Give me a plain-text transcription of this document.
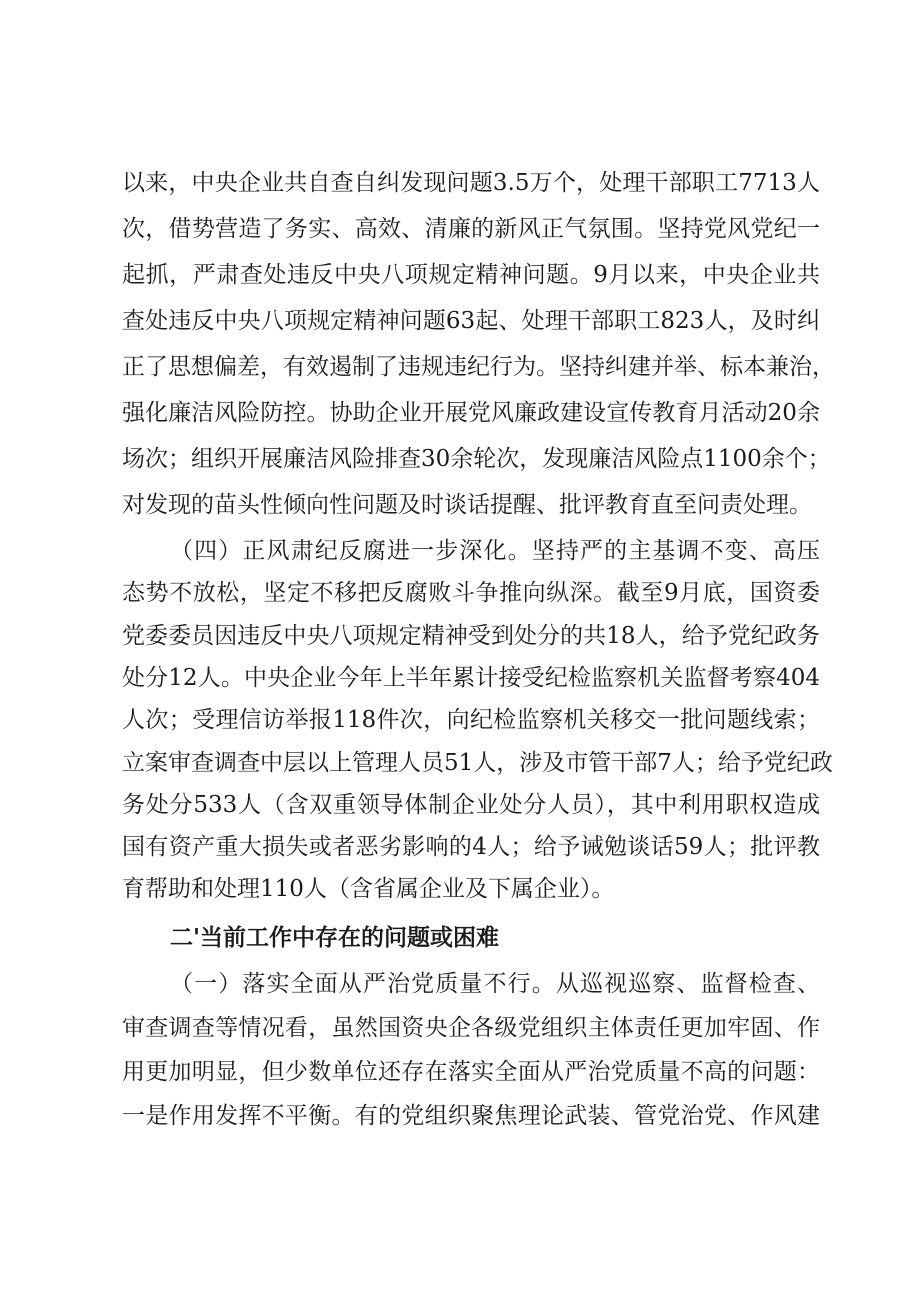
以来，中央企业共自查自纠发现问题3.5万个，处理干部职工7713人
次，借势营造了务实、高效、清廉的新风正气氛围。坚持党风党纪一
起抓，严肃查处违反中央八项规定精神问题。9月以来，中央企业共
查处违反中央八项规定精神问题63起、处理干部职工823人，及时纠
正了思想偏差，有效遏制了违规违纪行为。坚持纠建并举、标本兼治，
强化廉洁风险防控。协助企业开展党风廉政建设宣传教育月活动20余
场次；组织开展廉洁风险排查30余轮次，发现廉洁风险点1100余个；
对发现的苗头性倾向性问题及时谈话提醒、批评教育直至问责处理。
（四）正风肃纪反腐进一步深化。坚持严的主基调不变、高压
态势不放松，坚定不移把反腐败斗争推向纵深。截至9月底，国资委
党委委员因违反中央八项规定精神受到处分的共18人，给予党纪政务
处分12人。中央企业今年上半年累计接受纪检监察机关监督考察404
人次；受理信访举报118件次，向纪检监察机关移交一批问题线索；
立案审查调查中层以上管理人员51人，涉及市管干部7人；给予党纪政
务处分533人（含双重领导体制企业处分人员），其中利用职权造成
国有资产重大损失或者恶劣影响的4人；给予诫勉谈话59人；批评教
育帮助和处理110人（含省属企业及下属企业）。
二'当前工作中存在的问题或困难
（一）落实全面从严治党质量不行。从巡视巡察、监督检查、
审查调查等情况看，虽然国资央企各级党组织主体责任更加牢固、作
用更加明显，但少数单位还存在落实全面从严治党质量不高的问题：
一是作用发挥不平衡。有的党组织聚焦理论武装、管党治党、作风建
